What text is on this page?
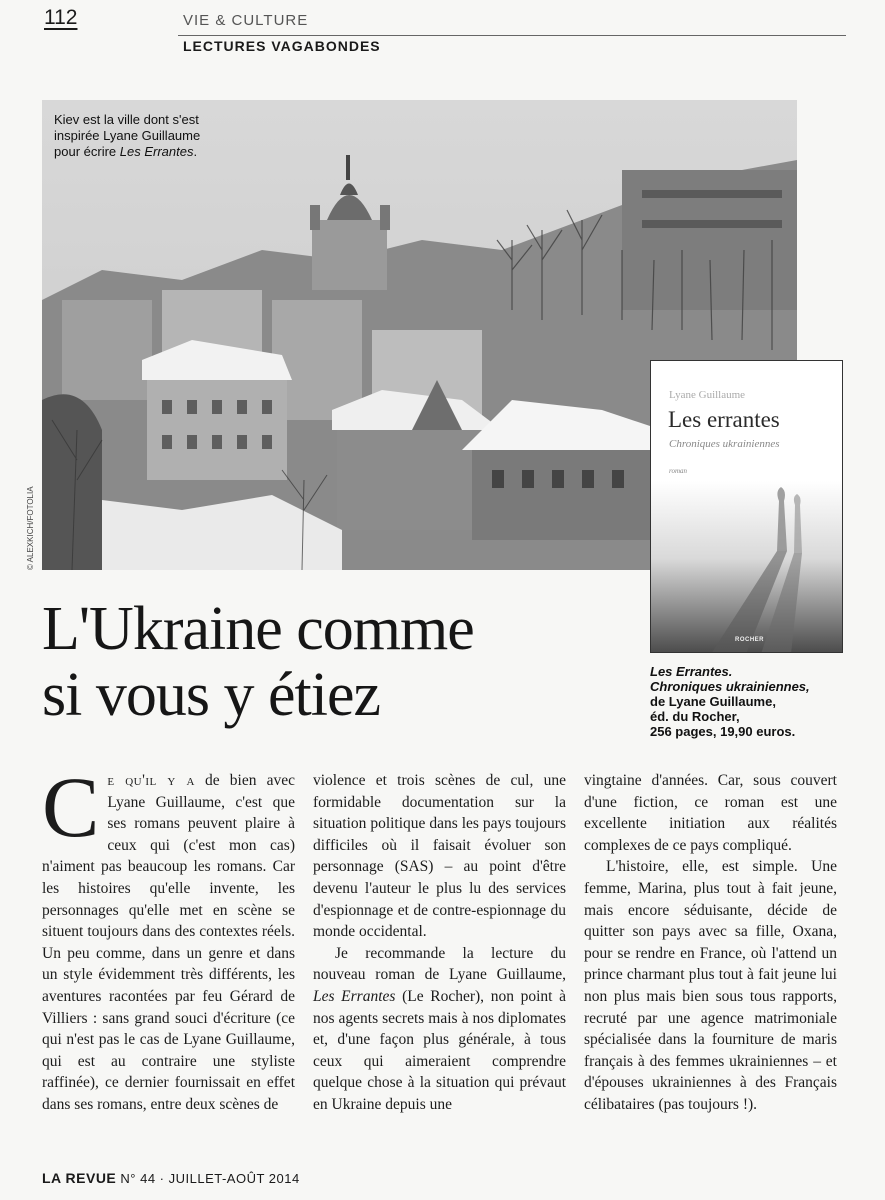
112	VIE & CULTURE
LECTURES VAGABONDES
Kiev est la ville dont s'est
inspirée Lyane Guillaume
pour écrire Les Errantes.
© ALEXKICH/FOTOLIA
Lyane Guillaume
Les errantes
Chroniques ukrainiennes
roman
ROCHER
L'Ukraine comme
si vous y étiez	Les Errantes.
Chroniques ukrainiennes,
de Lyane Guillaume,
éd. du Rocher,
256 pages, 19,90 euros.

Ce qu'il y a de bien avec Lyane Guillaume, c'est que ses romans peuvent plaire à ceux qui (c'est mon cas) n'aiment pas beaucoup les romans. Car les histoires qu'elle invente, les personnages qu'elle met en scène se situent toujours dans des contextes réels. Un peu comme, dans un genre et dans un style évidemment très différents, les aventures racontées par feu Gérard de Villiers : sans grand souci d'écriture (ce qui n'est pas le cas de Lyane Guillaume, qui est au contraire une styliste raffinée), ce dernier fournissait en effet dans ses romans, entre deux scènes de

violence et trois scènes de cul, une formidable documentation sur la situation politique dans les pays toujours difficiles où il faisait évoluer son personnage (SAS) – au point d'être devenu l'auteur le plus lu des services d'espionnage et de contre-espionnage du monde occidental.

Je recommande la lecture du nouveau roman de Lyane Guillaume, Les Errantes (Le Rocher), non point à nos agents secrets mais à nos diplomates et, d'une façon plus générale, à tous ceux qui aimeraient comprendre quelque chose à la situation qui prévaut en Ukraine depuis une

vingtaine d'années. Car, sous couvert d'une fiction, ce roman est une excellente initiation aux réalités complexes de ce pays compliqué.

L'histoire, elle, est simple. Une femme, Marina, plus tout à fait jeune, mais encore séduisante, décide de quitter son pays avec sa fille, Oxana, pour se rendre en France, où l'attend un prince charmant plus tout à fait jeune lui non plus mais bien sous tous rapports, recruté par une agence matrimoniale spécialisée dans la fourniture de maris français à des femmes ukrainiennes – et d'épouses ukrainiennes à des Français célibataires (pas toujours !).

LA REVUE N° 44 · JUILLET-AOÛT 2014
